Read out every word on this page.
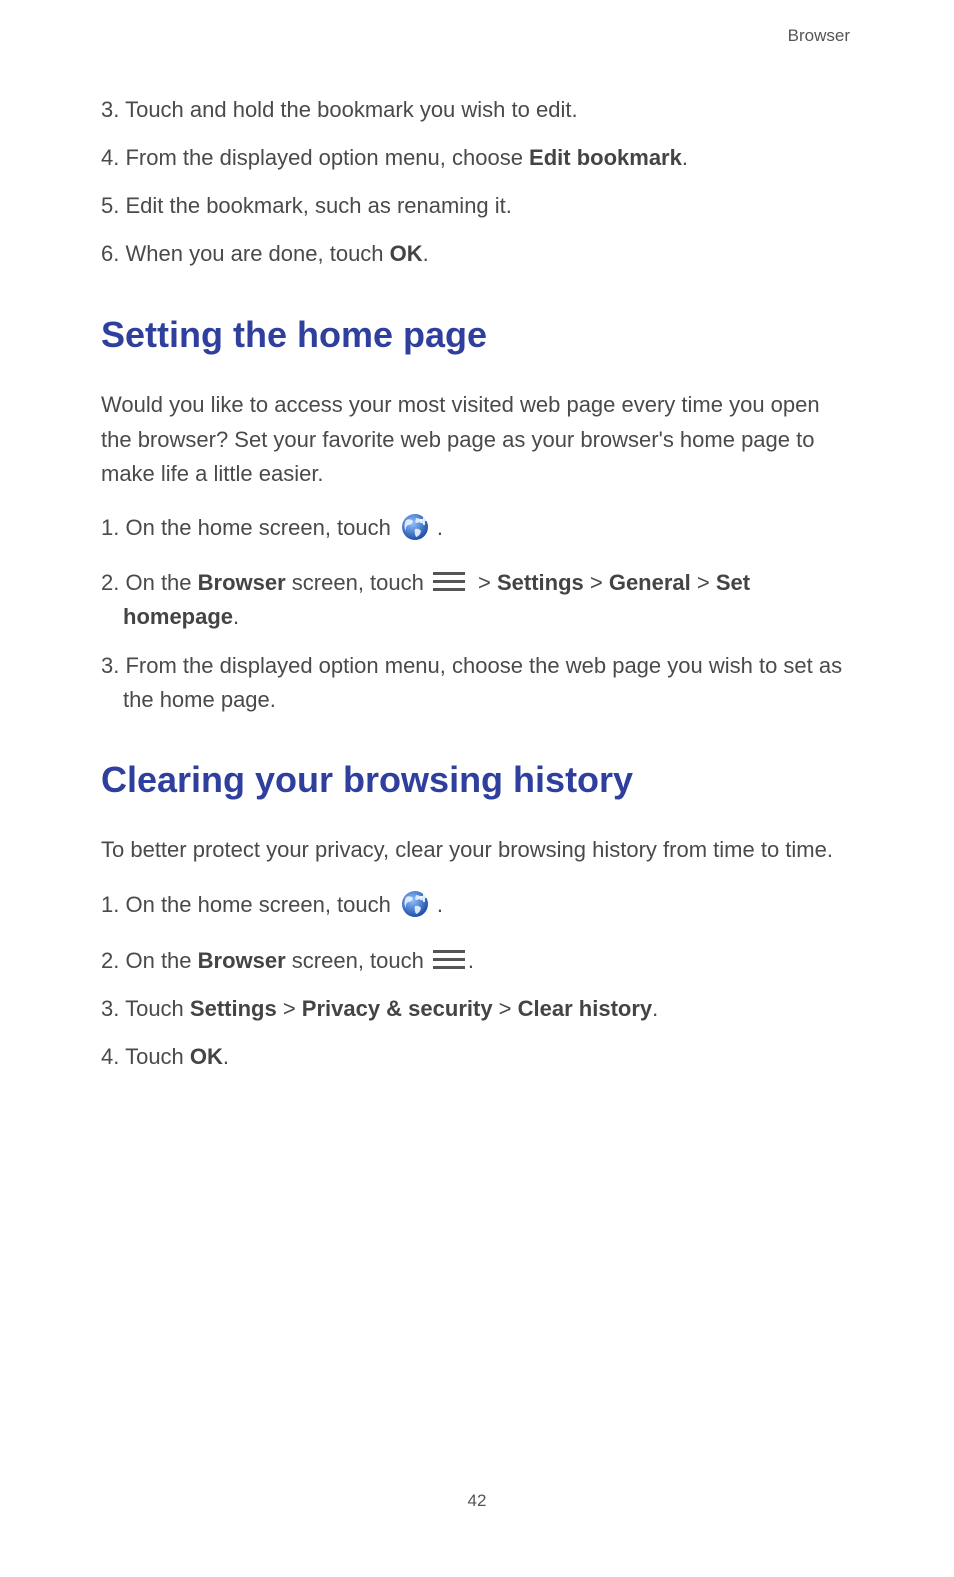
Browser
3. Touch and hold the bookmark you wish to edit.
4. From the displayed option menu, choose Edit bookmark.
5. Edit the bookmark, such as renaming it.
6. When you are done, touch OK.
Setting the home page

Would you like to access your most visited web page every time you open
the browser? Set your favorite web page as your browser's home page to
make life a little easier.

1. On the home screen, touch .
2. On the Browser screen, touch > Settings > General > Set
homepage.
3. From the displayed option menu, choose the web page you wish to set as
the home page.
Clearing your browsing history

To better protect your privacy, clear your browsing history from time to time.

1. On the home screen, touch .
2. On the Browser screen, touch .
3. Touch Settings > Privacy & security > Clear history.
4. Touch OK.
42
